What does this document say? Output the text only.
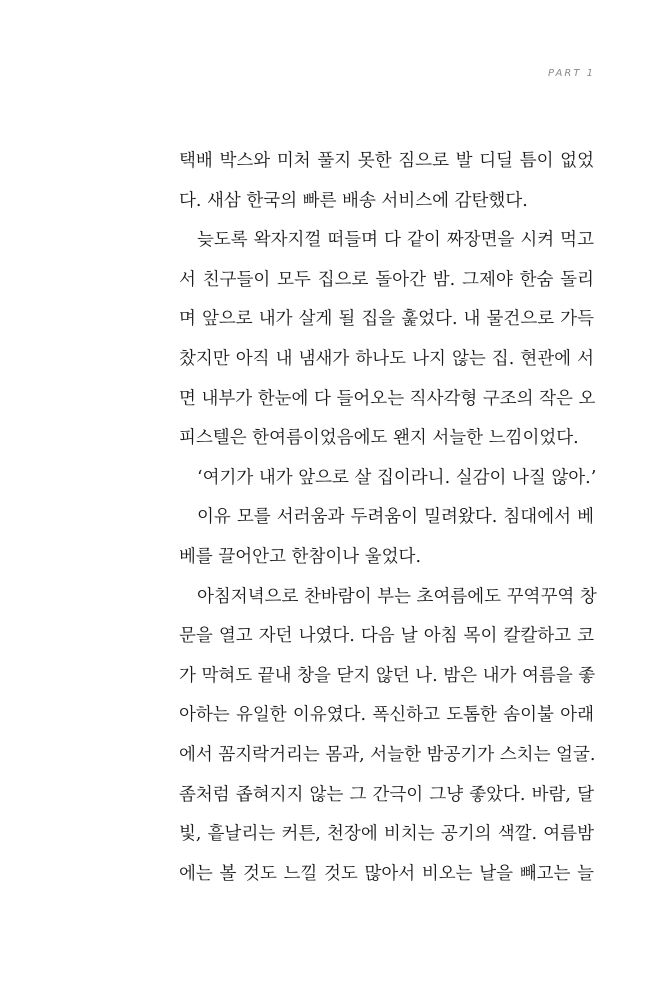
PART 1
택배 박스와 미처 풀지 못한 짐으로 발 디딜 틈이 없었
다. 새삼 한국의 빠른 배송 서비스에 감탄했다.
늦도록 왁자지껄 떠들며 다 같이 짜장면을 시켜 먹고
서 친구들이 모두 집으로 돌아간 밤. 그제야 한숨 돌리
며 앞으로 내가 살게 될 집을 훑었다. 내 물건으로 가득
찼지만 아직 내 냄새가 하나도 나지 않는 집. 현관에 서
면 내부가 한눈에 다 들어오는 직사각형 구조의 작은 오
피스텔은 한여름이었음에도 왠지 서늘한 느낌이었다.
‘여기가 내가 앞으로 살 집이라니. 실감이 나질 않아.’
이유 모를 서러움과 두려움이 밀려왔다. 침대에서 베
베를 끌어안고 한참이나 울었다.
아침저녁으로 찬바람이 부는 초여름에도 꾸역꾸역 창
문을 열고 자던 나였다. 다음 날 아침 목이 칼칼하고 코
가 막혀도 끝내 창을 닫지 않던 나. 밤은 내가 여름을 좋
아하는 유일한 이유였다. 폭신하고 도톰한 솜이불 아래
에서 꼼지락거리는 몸과, 서늘한 밤공기가 스치는 얼굴.
좀처럼 좁혀지지 않는 그 간극이 그냥 좋았다. 바람, 달
빛, 흩날리는 커튼, 천장에 비치는 공기의 색깔. 여름밤
에는 볼 것도 느낄 것도 많아서 비오는 날을 빼고는 늘
